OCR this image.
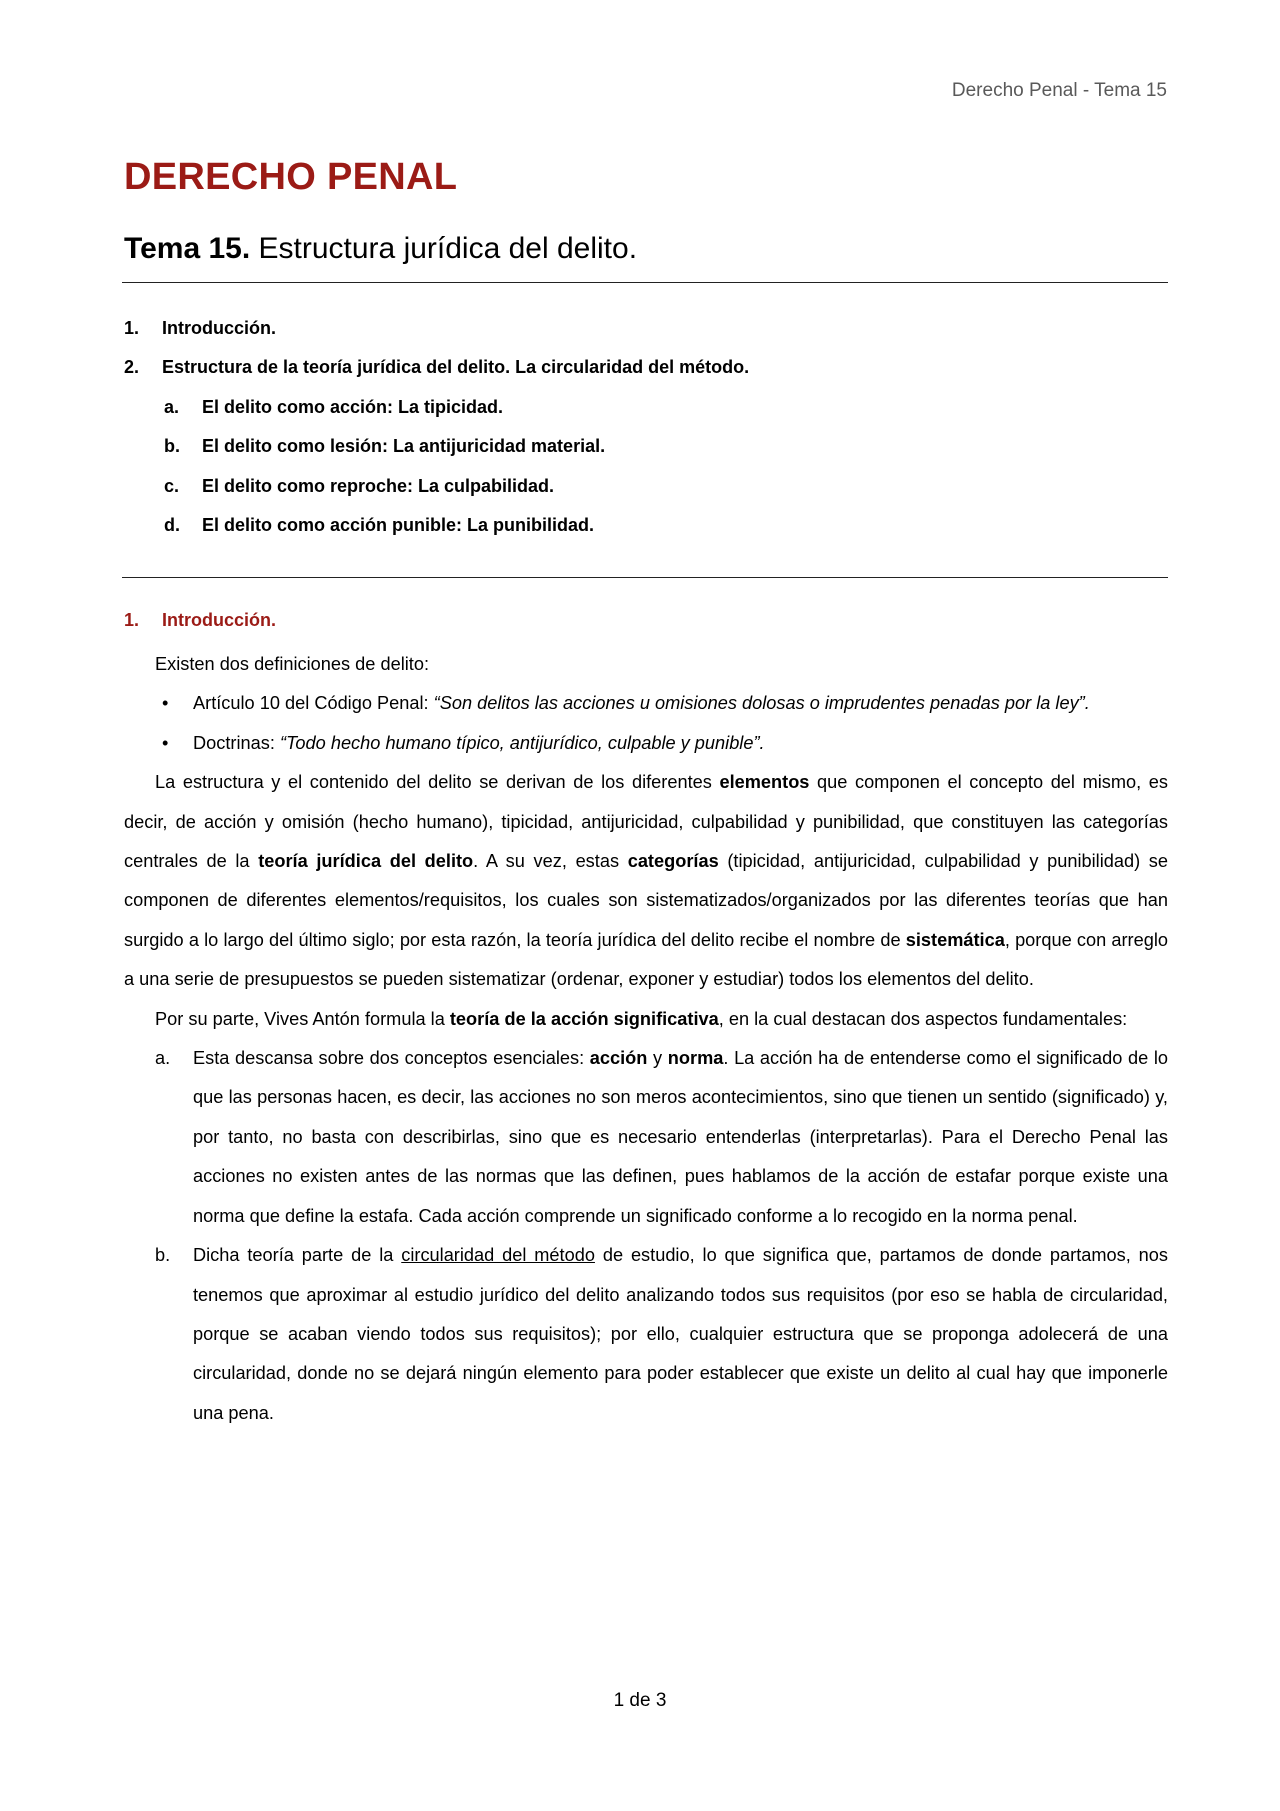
Derecho Penal - Tema 15
DERECHO PENAL
Tema 15. Estructura jurídica del delito.
1. Introducción.
2. Estructura de la teoría jurídica del delito. La circularidad del método.
a. El delito como acción: La tipicidad.
b. El delito como lesión: La antijuricidad material.
c. El delito como reproche: La culpabilidad.
d. El delito como acción punible: La punibilidad.
1. Introducción.

Existen dos definiciones de delito:

• Artículo 10 del Código Penal: “Son delitos las acciones u omisiones dolosas o imprudentes penadas por la ley”.
• Doctrinas: “Todo hecho humano típico, antijurídico, culpable y punible”.

La estructura y el contenido del delito se derivan de los diferentes elementos que componen el concepto del mismo, es decir, de acción y omisión (hecho humano), tipicidad, antijuricidad, culpabilidad y punibilidad, que constituyen las categorías centrales de la teoría jurídica del delito. A su vez, estas categorías (tipicidad, antijuricidad, culpabilidad y punibilidad) se componen de diferentes elementos/requisitos, los cuales son sistematizados/organizados por las diferentes teorías que han surgido a lo largo del último siglo; por esta razón, la teoría jurídica del delito recibe el nombre de sistemática, porque con arreglo a una serie de presupuestos se pueden sistematizar (ordenar, exponer y estudiar) todos los elementos del delito.

Por su parte, Vives Antón formula la teoría de la acción significativa, en la cual destacan dos aspectos fundamentales:

a. Esta descansa sobre dos conceptos esenciales: acción y norma. La acción ha de entenderse como el significado de lo que las personas hacen, es decir, las acciones no son meros acontecimientos, sino que tienen un sentido (significado) y, por tanto, no basta con describirlas, sino que es necesario entenderlas (interpretarlas). Para el Derecho Penal las acciones no existen antes de las normas que las definen, pues hablamos de la acción de estafar porque existe una norma que define la estafa. Cada acción comprende un significado conforme a lo recogido en la norma penal.
b. Dicha teoría parte de la circularidad del método de estudio, lo que significa que, partamos de donde partamos, nos tenemos que aproximar al estudio jurídico del delito analizando todos sus requisitos (por eso se habla de circularidad, porque se acaban viendo todos sus requisitos); por ello, cualquier estructura que se proponga adolecerá de una circularidad, donde no se dejará ningún elemento para poder establecer que existe un delito al cual hay que imponerle una pena.
1 de 3
